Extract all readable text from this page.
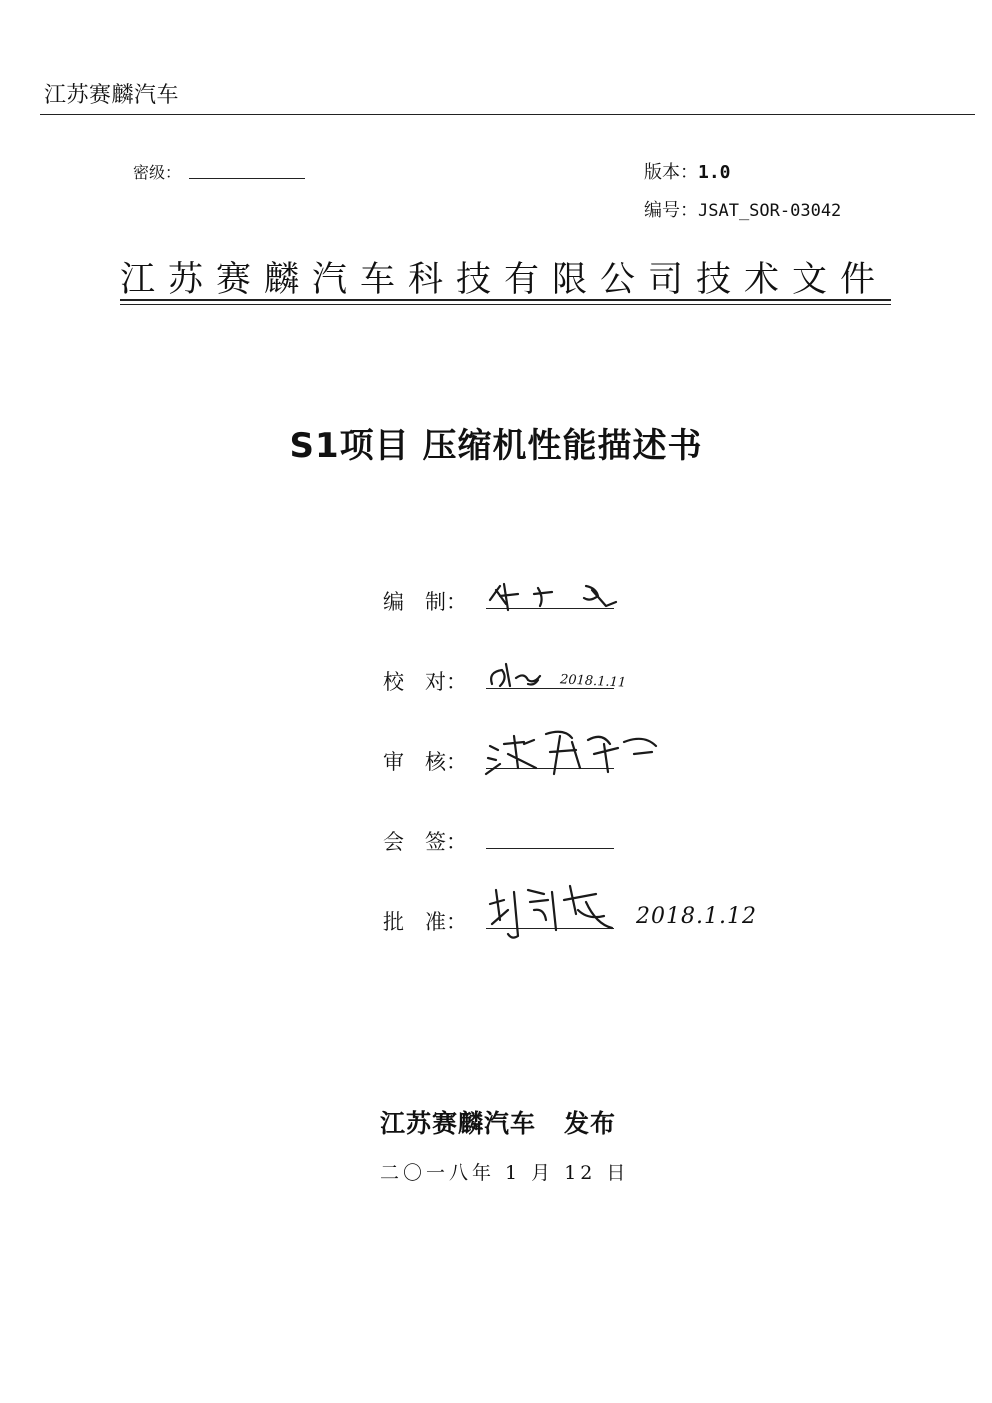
江苏赛麟汽车
密级：	版本：1.0
编号：JSAT_SOR-03042
江苏赛麟汽车科技有限公司技术文件
S1项目 压缩机性能描述书
编　制：
校　对：	2018.1.11
审　核：
会　签：
批　准：	2018.1.12
江苏赛麟汽车 发布
二〇一八年 1 月 12 日
